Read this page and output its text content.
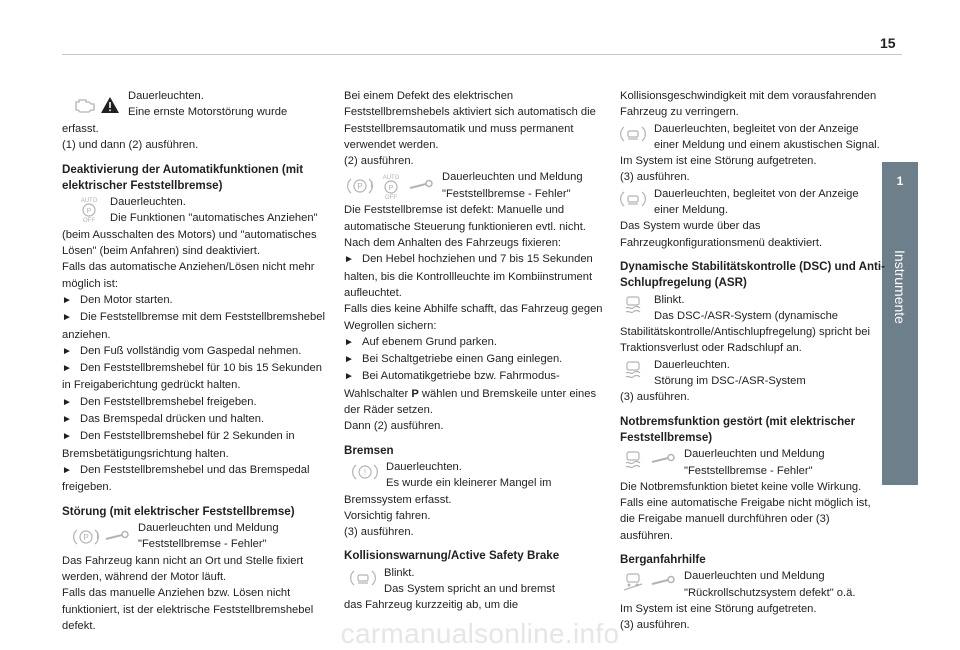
15
1
Instrumente

Dauerleuchten.

Eine ernste Motorstörung wurde

erfasst.

(1) und dann (2) ausführen.

Deaktivierung der Automatikfunktionen (mit elektrischer Feststellbremse)

AUTO
P
OFF

Dauerleuchten.

Die Funktionen "automatisches Anziehen"

(beim Ausschalten des Motors) und "automatisches Lösen" (beim Anfahren) sind deaktiviert.

Falls das automatische Anziehen/Lösen nicht mehr möglich ist:

► Den Motor starten.

► Die Feststellbremse mit dem Feststellbremshebel anziehen.

► Den Fuß vollständig vom Gaspedal nehmen.

► Den Feststellbremshebel für 10 bis 15 Sekunden in Freigaberichtung gedrückt halten.

► Den Feststellbremshebel freigeben.

► Das Bremspedal drücken und halten.

► Den Feststellbremshebel für 2 Sekunden in Bremsbetätigungsrichtung halten.

► Den Feststellbremshebel und das Bremspedal freigeben.

Störung (mit elektrischer Feststellbremse)

P

Dauerleuchten und Meldung

"Feststellbremse - Fehler"

Das Fahrzeug kann nicht an Ort und Stelle fixiert werden, während der Motor läuft.

Falls das manuelle Anziehen bzw. Lösen nicht funktioniert, ist der elektrische Feststellbremshebel defekt.

Bei einem Defekt des elektrischen Feststellbremshebels aktiviert sich automatisch die Feststellbremsautomatik und muss permanent verwendet werden.

(2) ausführen.

P
AUTO
P
OFF

Dauerleuchten und Meldung

"Feststellbremse - Fehler"

Die Feststellbremse ist defekt: Manuelle und automatische Steuerung funktionieren evtl. nicht.

Nach dem Anhalten des Fahrzeugs fixieren:

► Den Hebel hochziehen und 7 bis 15 Sekunden halten, bis die Kontrollleuchte im Kombiinstrument aufleuchtet.

Falls dies keine Abhilfe schafft, das Fahrzeug gegen Wegrollen sichern:

► Auf ebenem Grund parken.

► Bei Schaltgetriebe einen Gang einlegen.

► Bei Automatikgetriebe bzw. Fahrmodus-Wahlschalter P wählen und Bremskeile unter eines der Räder setzen.

Dann (2) ausführen.

Bremsen

!	Dauerleuchten.

Es wurde ein kleinerer Mangel im

Bremssystem erfasst.

Vorsichtig fahren.

(3) ausführen.

Kollisionswarnung/Active Safety Brake

Blinkt.

Das System spricht an und bremst

das Fahrzeug kurzzeitig ab, um die

Kollisionsgeschwindigkeit mit dem vorausfahrenden Fahrzeug zu verringern.

Dauerleuchten, begleitet von der Anzeige

einer Meldung und einem akustischen Signal.

Im System ist eine Störung aufgetreten.

(3) ausführen.

Dauerleuchten, begleitet von der Anzeige

einer Meldung.

Das System wurde über das Fahrzeugkonfigurationsmenü deaktiviert.

Dynamische Stabilitätskontrolle (DSC) und Anti-Schlupfregelung (ASR)

Blinkt.

Das DSC-/ASR-System (dynamische

Stabilitätskontrolle/Antischlupfregelung) spricht bei Traktionsverlust oder Radschlupf an.

Dauerleuchten.

Störung im DSC-/ASR-System

(3) ausführen.

Notbremsfunktion gestört (mit elektrischer Feststellbremse)

Dauerleuchten und Meldung

"Feststellbremse - Fehler"

Die Notbremsfunktion bietet keine volle Wirkung.

Falls eine automatische Freigabe nicht möglich ist, die Freigabe manuell durchführen oder (3) ausführen.

Berganfahrhilfe

Dauerleuchten und Meldung

"Rückrollschutzsystem defekt" o.ä.

Im System ist eine Störung aufgetreten.

(3) ausführen.

carmanualsonline.info
